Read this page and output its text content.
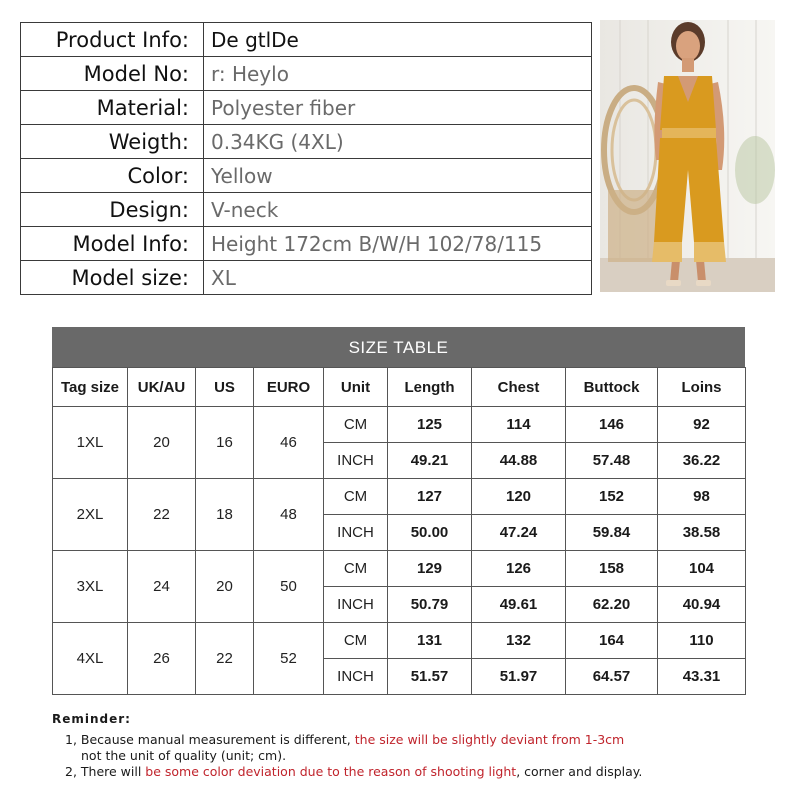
Product Info:	De gtlDe
Model No:	r: Heylo
Material:	Polyester fiber
Weigth:	0.34KG (4XL)
Color:	Yellow
Design:	V-neck
Model Info:	Height 172cm B/W/H 102/78/115
Model size:	XL
SIZE TABLE
Tag size	UK/AU	US	EURO	Unit	Length	Chest	Buttock	Loins
1XL	20	16	46	CM	125	114	146	92
				INCH	49.21	44.88	57.48	36.22
2XL	22	18	48	CM	127	120	152	98
				INCH	50.00	47.24	59.84	38.58
3XL	24	20	50	CM	129	126	158	104
				INCH	50.79	49.61	62.20	40.94
4XL	26	22	52	CM	131	132	164	110
				INCH	51.57	51.97	64.57	43.31
Reminder:
1, Because manual measurement is different, the size will be slightly deviant from 1-3cm
not the unit of quality (unit; cm).
2, There will be some color deviation due to the reason of shooting light, corner and display.
